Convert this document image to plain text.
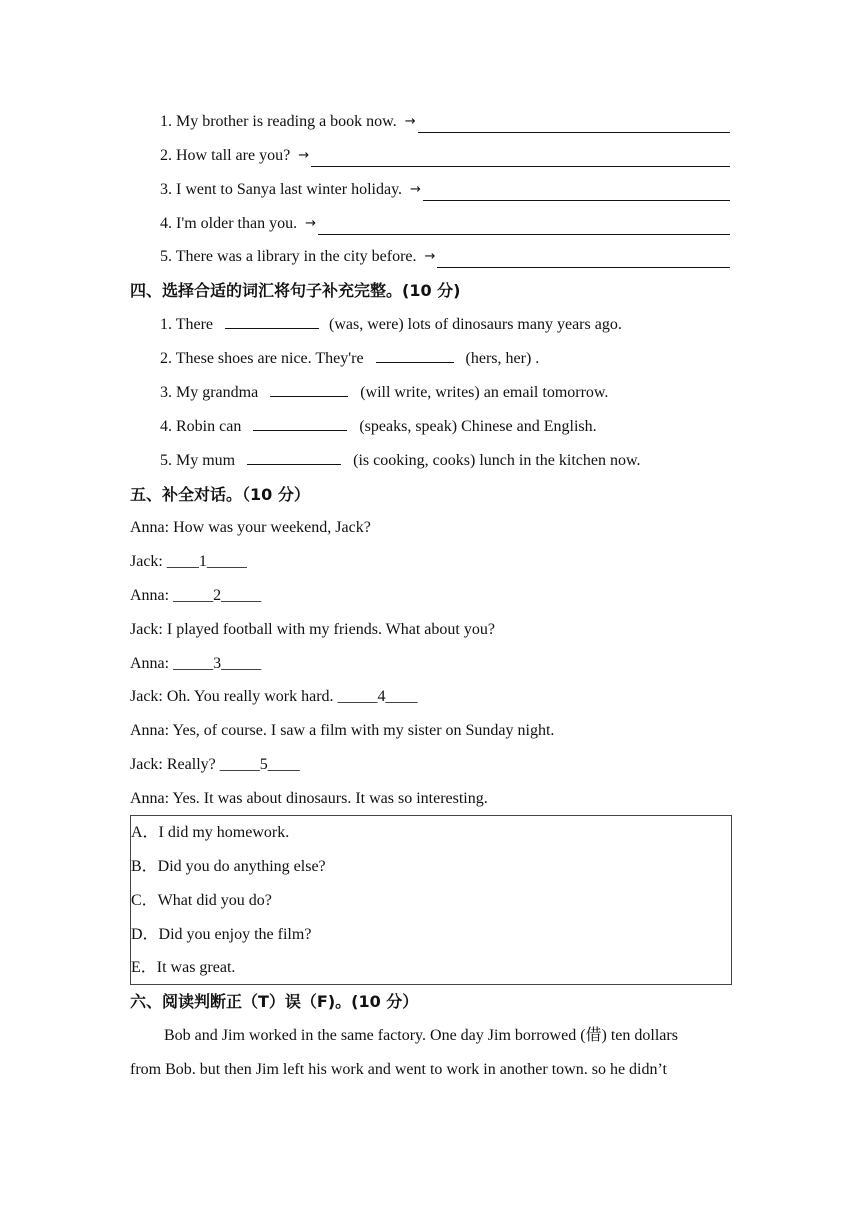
1. My brother is reading a book now. →
2. How tall are you? →
3. I went to Sanya last winter holiday. →
4. I'm older than you. →
5. There was a library in the city before. →
四、选择合适的词汇将句子补充完整。(10 分)
1. There	(was, were) lots of dinosaurs many years ago.
2. These shoes are nice. They're	(hers, her) .
3. My grandma	(will write, writes) an email tomorrow.
4. Robin can	(speaks, speak) Chinese and English.
5. My mum	(is cooking, cooks) lunch in the kitchen now.
五、补全对话。（10 分）
Anna: How was your weekend, Jack?
Jack: ____1_____
Anna: _____2_____
Jack: I played football with my friends. What about you?
Anna: _____3_____
Jack: Oh. You really work hard. _____4____
Anna: Yes, of course. I saw a film with my sister on Sunday night.
Jack: Really? _____5____
Anna: Yes. It was about dinosaurs. It was so interesting.
A．I did my homework.
B．Did you do anything else?
C．What did you do?
D．Did you enjoy the film?
E．It was great.
六、阅读判断正（T）误（F)。(10 分）
Bob and Jim worked in the same factory. One day Jim borrowed (借) ten dollars
from Bob. but then Jim left his work and went to work in another town. so he didn’t
